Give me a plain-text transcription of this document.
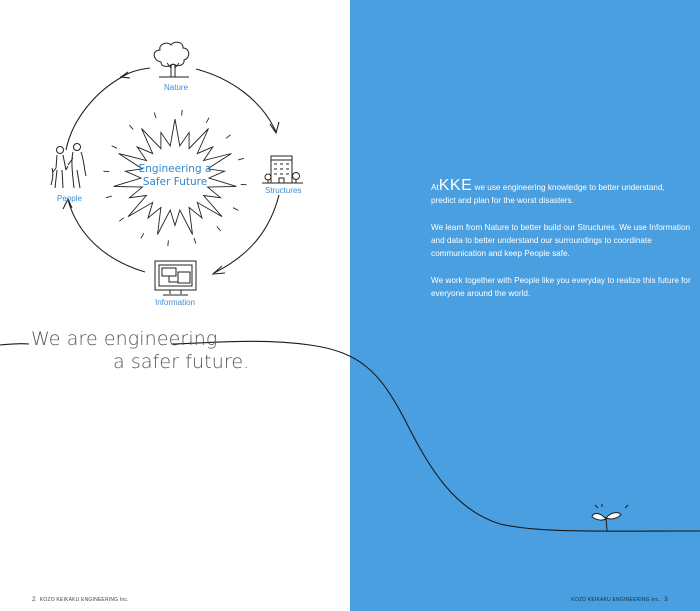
Nature
Structures
Information
People
Engineering a
Safer Future
We are engineering
a safer future.

AtKKE we use engineering knowledge to better understand, predict and plan for the worst disasters.

We learn from Nature to better build our Structures. We use Information and data to better understand our surroundings to coordinate communication and keep People safe.

We work together with People like you everyday to realize this future for everyone around the world.

2 KOZO KEIKAKU ENGINEERING Inc.	KOZO KEIKAKU ENGINEERING Inc. 3
